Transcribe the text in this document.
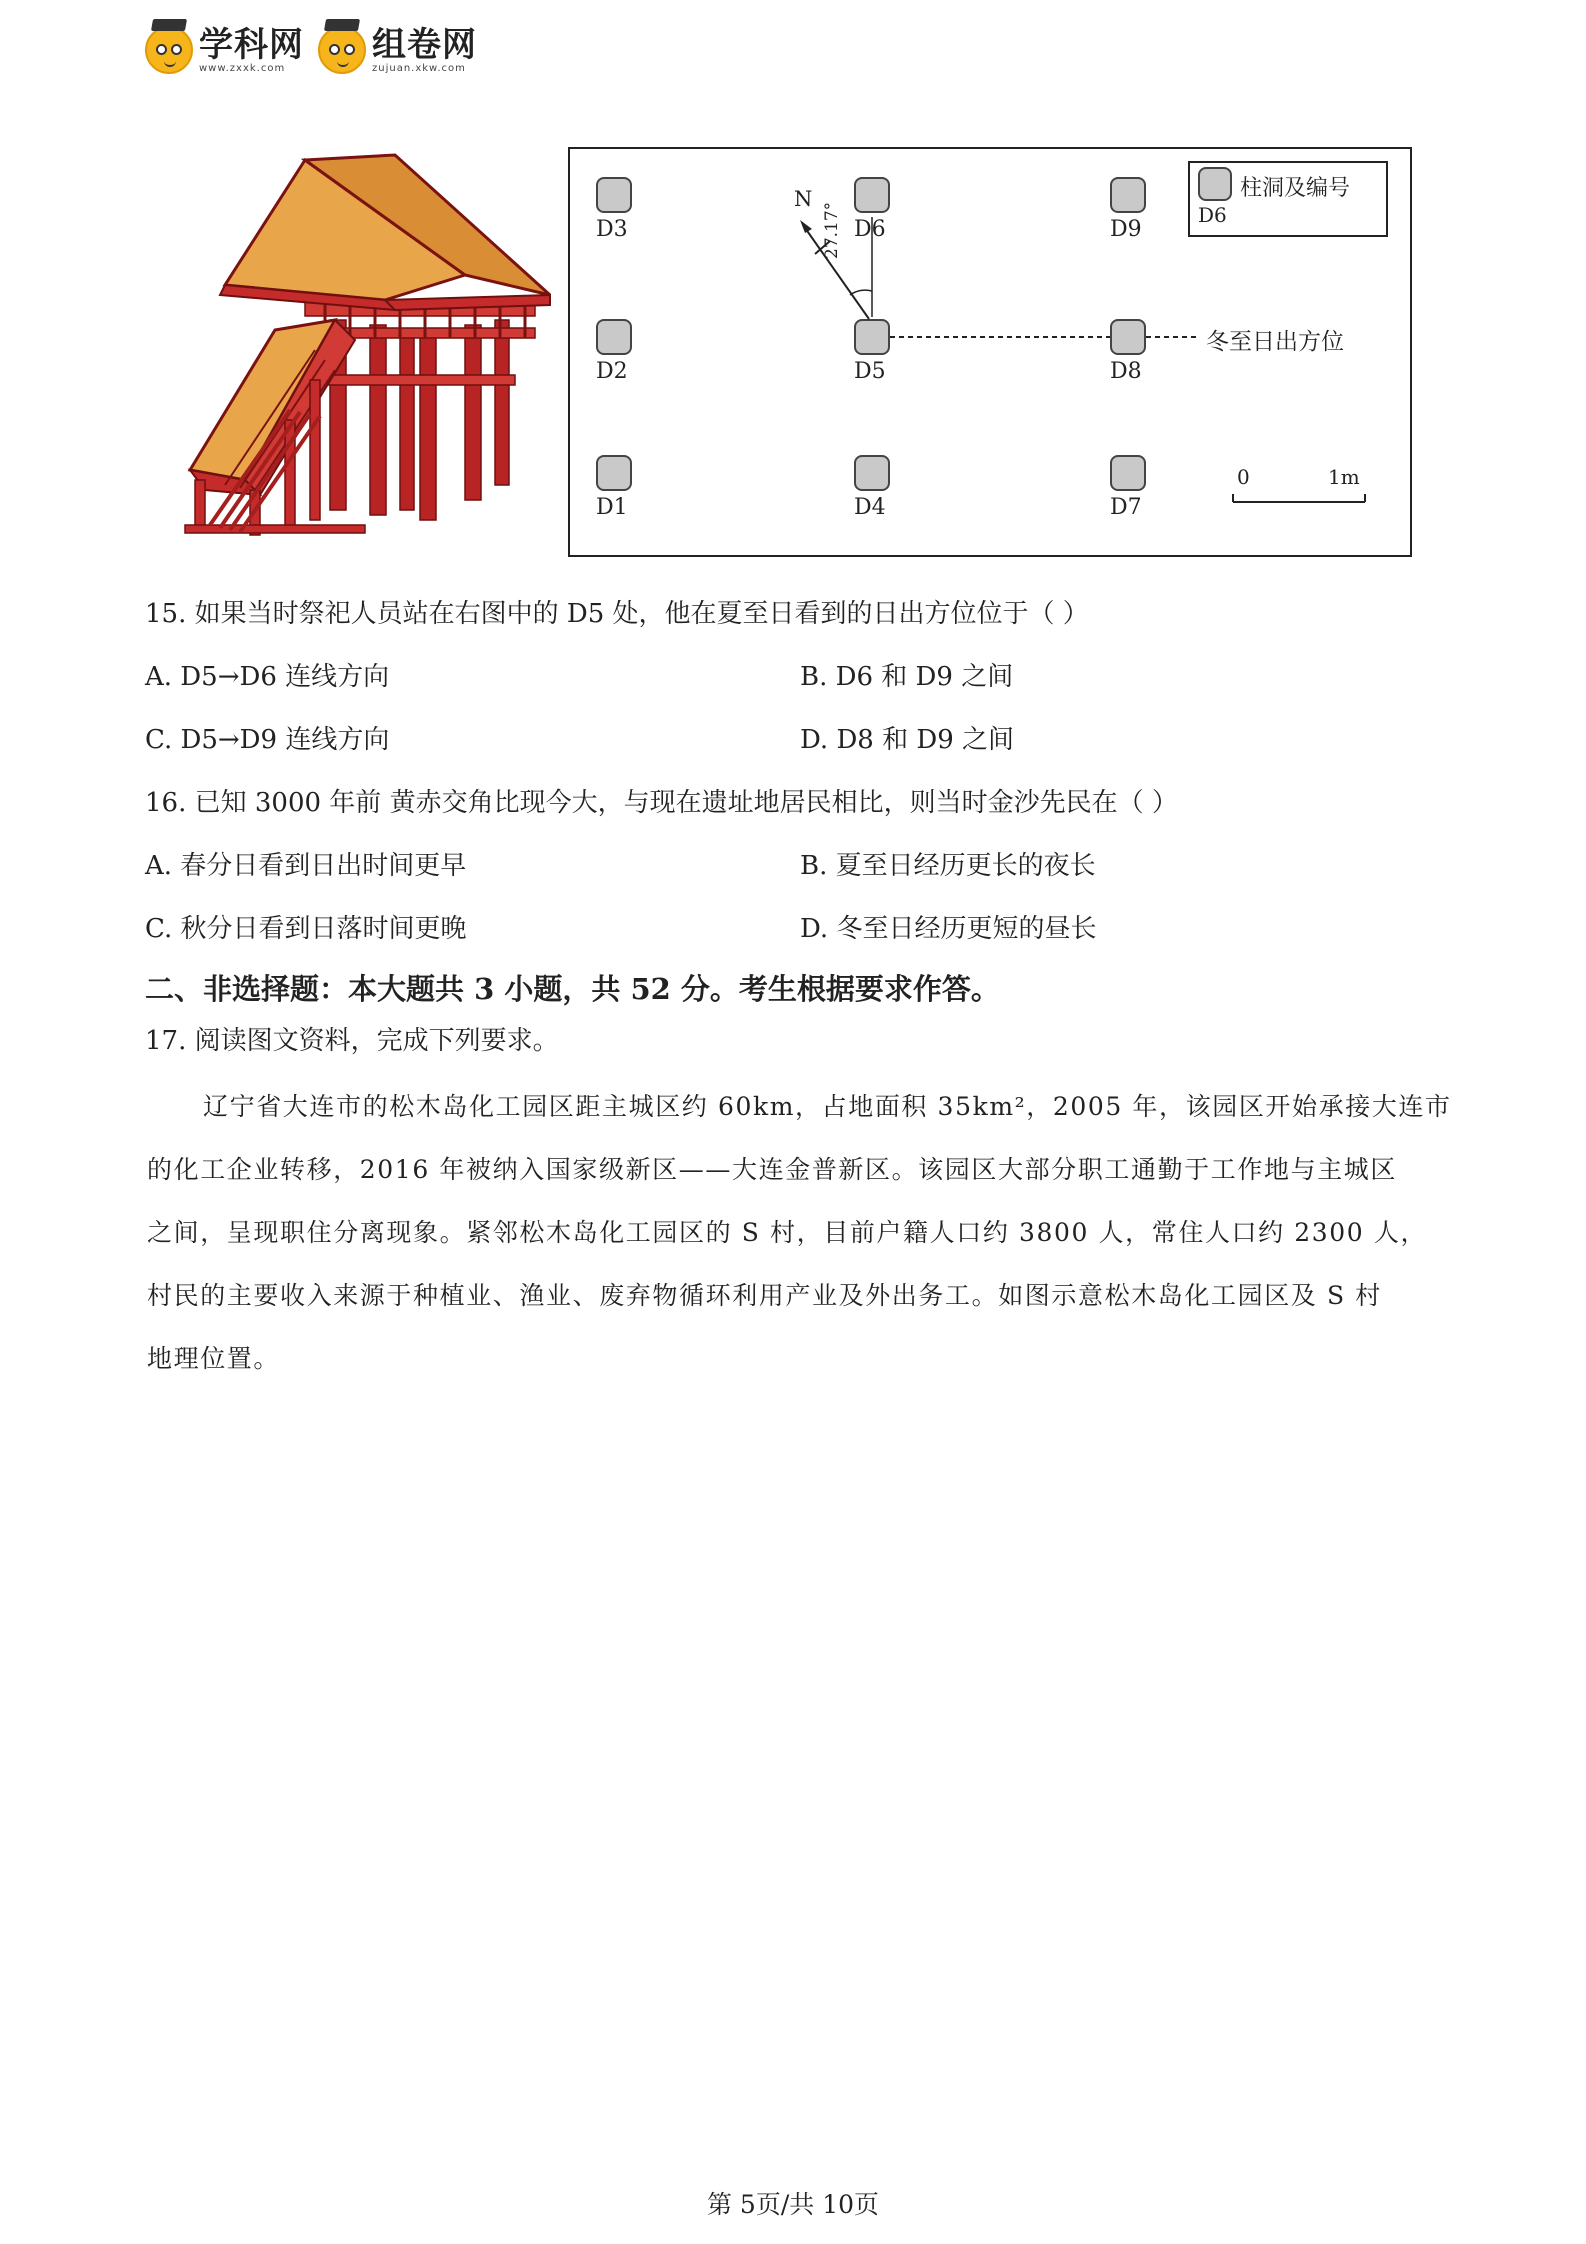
学科网
www.zxxk.com
组卷网
zujuan.xkw.com
D3	D6	D9
D2	D5	D8
D1	D4	D7
N
27.17°
冬至日出方位
柱洞及编号
D6
0	1m
15. 如果当时祭祀人员站在右图中的 D5 处，他在夏至日看到的日出方位位于（ ）
A. D5→D6 连线方向	B. D6 和 D9 之间
C. D5→D9 连线方向	D. D8 和 D9 之间
16. 已知 3000 年前 黄赤交角比现今大，与现在遗址地居民相比，则当时金沙先民在（ ）
A. 春分日看到日出时间更早	B. 夏至日经历更长的夜长
C. 秋分日看到日落时间更晚	D. 冬至日经历更短的昼长
二、非选择题：本大题共 3 小题，共 52 分。考生根据要求作答。
17. 阅读图文资料，完成下列要求。

辽宁省大连市的松木岛化工园区距主城区约 60km，占地面积 35km²，2005 年，该园区开始承接大连市

的化工企业转移，2016 年被纳入国家级新区——大连金普新区。该园区大部分职工通勤于工作地与主城区

之间，呈现职住分离现象。紧邻松木岛化工园区的 S 村，目前户籍人口约 3800 人，常住人口约 2300 人，

村民的主要收入来源于种植业、渔业、废弃物循环利用产业及外出务工。如图示意松木岛化工园区及 S 村

地理位置。

第 5页/共 10页
